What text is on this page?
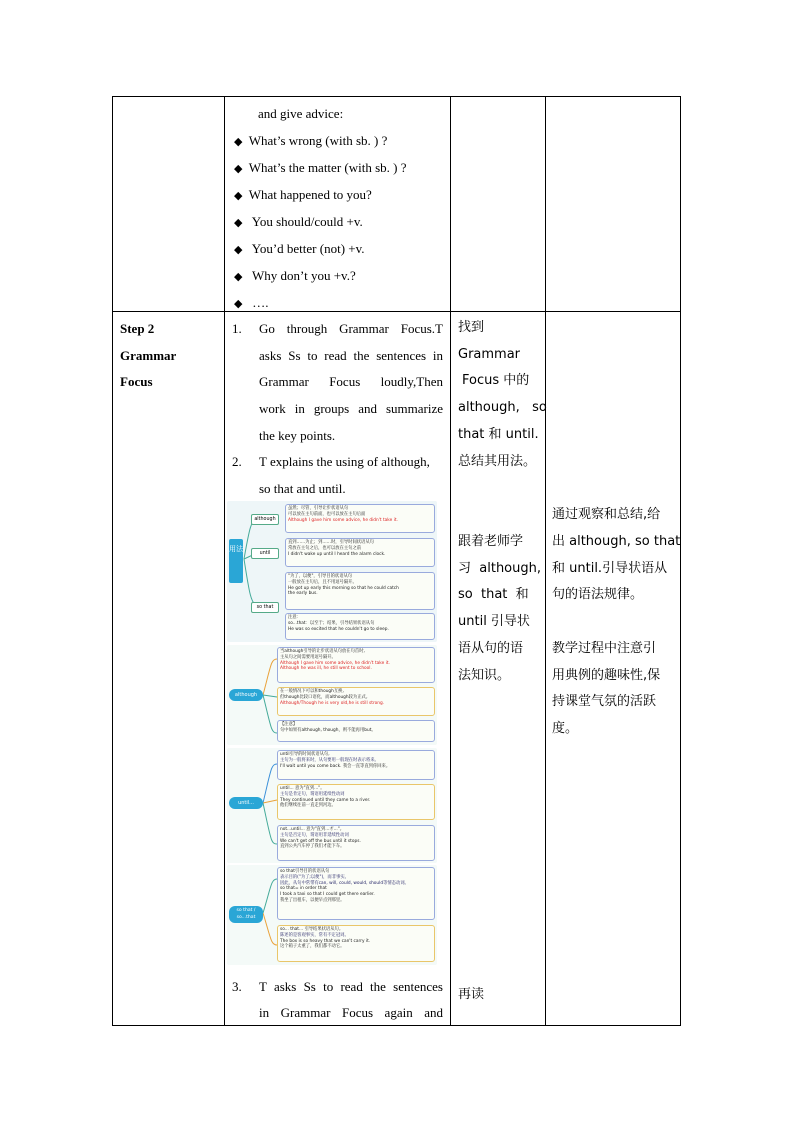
and give advice:
◆ What’s wrong (with sb. ) ?
◆ What’s the matter (with sb. ) ?
◆ What happened to you?
◆ You should/could +v.
◆ You’d better (not) +v.
◆ Why don’t you +v.?
◆ ….
Step 2
Grammar
Focus
1. Go through Grammar Focus.T
asks Ss to read the sentences in
Grammar Focus loudly,Then
work in groups and summarize
the key points.
2. T explains the using of although,
so that and until.
用法
although
until
so that
虽然；尽管，引导让步状语从句
可以放在主句前面，也可以放在主句后面
Although I gave him some advice, he didn't take it.
直到……为止；到……时，引导时间状语从句
常放在主句之后，也可以放在主句之前
I didn't wake up until I heard the alarm clock.
"为了，以便"，引导目的状语从句
一般放在主句后，且不用逗号隔开。
He got up early this morning so that he could catch
the early bus.
注意：
so...that：以至于；结果，引导结果状语从句
He was so excited that he couldn't go to sleep.
although
当although引导的让步状语从句放在句首时,
主从句之间需要用逗号隔开。
Although I gave him some advice, he didn't take it.
Although he was ill, he still went to school.
在一般情况下可以和though互换,
但though比较口语化，而although较为正式。
Although/Though he is very old,he is still strong.
【注意】
句中如果有although, though，则不能再用but。
until...
until引导的时间状语从句,
主句为一般将来时，从句要用一般现在时表示将来。
I'll wait until you come back. 我会一直等直到你回来。
until... 意为"直到..."。
主句是肯定句，谓语用延续性动词
They continued until they came to a river.
他们继续往前一直走到河边。
not...until... 意为"直到...才..."。
主句是否定句，谓语用非延续性动词
We can't get off the bus until it stops.
直到公共汽车停了我们才能下车。
so that / so...that
so that引导目的状语从句
表示目的("为了;以便")，而非事实。
因此，从句中常带有can, will, could, would, should等情态动词。
so that= in order that
I took a taxi so that I could get there earlier.
我坐了出租车，以便早点到那里。
so... that... 引导结果状语从句。
陈述的是客观事实，常有不定冠词。
The box is so heavy that we can't carry it.
这个箱子太重了，我们都不动它。
3. T asks Ss to read the sentences
in Grammar Focus again and
找到
Grammar
Focus 中的
although,   so
that 和 until.
总结其用法。
跟着老师学
习  although,
so  that  和
until 引导状
语从句的语
法知识。
再读
通过观察和总结,给
出 although, so that
和 until.引导状语从
句的语法规律。
教学过程中注意引
用典例的趣味性,保
持课堂气氛的活跃
度。
